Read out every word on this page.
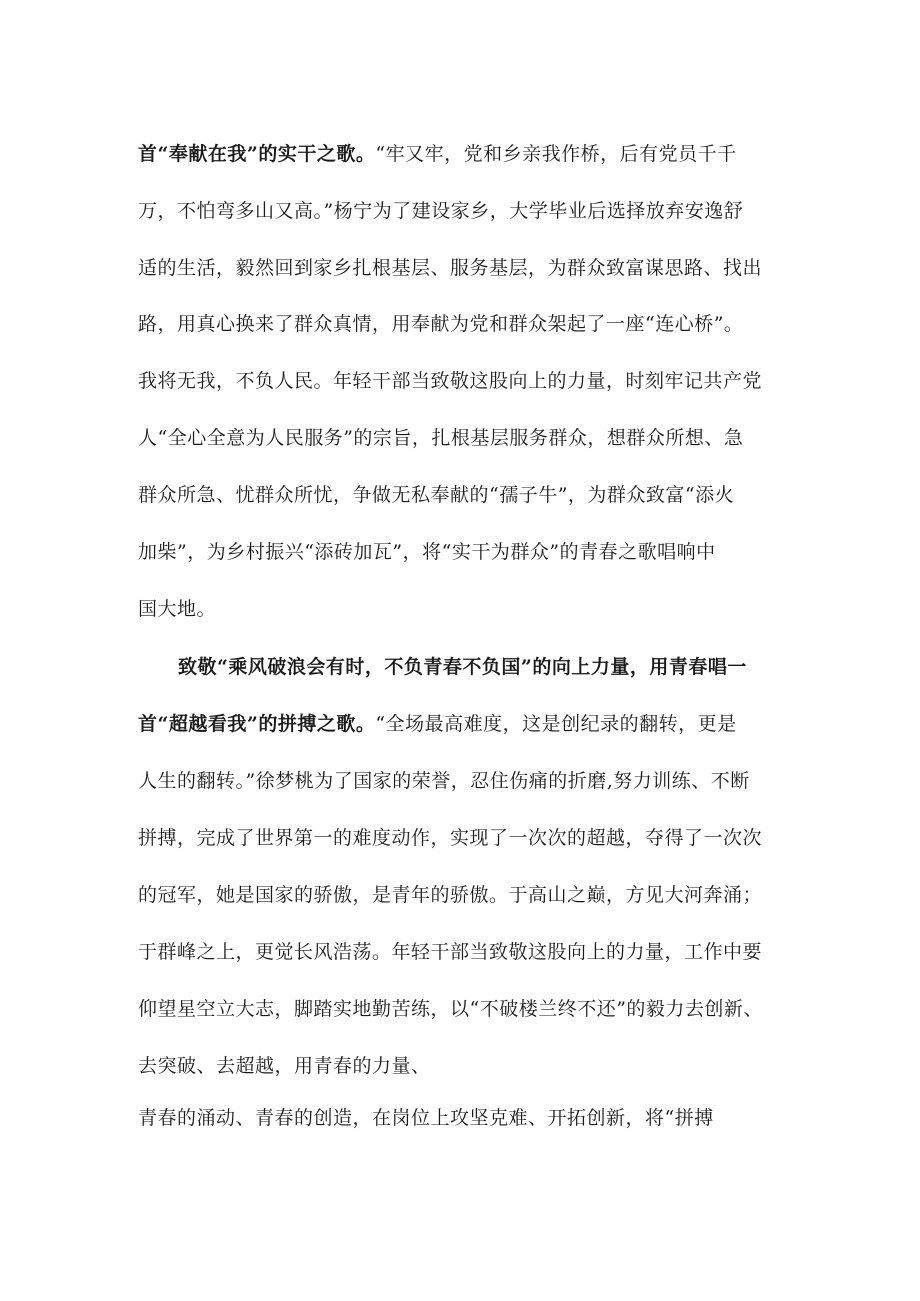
首“奉献在我”的实干之歌。“牢又牢，党和乡亲我作桥，后有党员千千
万，不怕弯多山又高。”杨宁为了建设家乡，大学毕业后选择放弃安逸舒
适的生活，毅然回到家乡扎根基层、服务基层，为群众致富谋思路、找出
路，用真心换来了群众真情，用奉献为党和群众架起了一座“连心桥”。
我将无我，不负人民。年轻干部当致敬这股向上的力量，时刻牢记共产党
人“全心全意为人民服务”的宗旨，扎根基层服务群众，想群众所想、急
群众所急、忧群众所忧，争做无私奉献的“孺子牛”，为群众致富“添火
加柴”，为乡村振兴“添砖加瓦”，将“实干为群众”的青春之歌唱响中
国大地。
致敬“乘风破浪会有时，不负青春不负国”的向上力量，用青春唱一
首“超越看我”的拼搏之歌。“全场最高难度，这是创纪录的翻转，更是
人生的翻转。”徐梦桃为了国家的荣誉，忍住伤痛的折磨,努力训练、不断
拼搏，完成了世界第一的难度动作，实现了一次次的超越，夺得了一次次
的冠军，她是国家的骄傲，是青年的骄傲。于高山之巅，方见大河奔涌；
于群峰之上，更觉长风浩荡。年轻干部当致敬这股向上的力量，工作中要
仰望星空立大志，脚踏实地勤苦练，以“不破楼兰终不还”的毅力去创新、
去突破、去超越，用青春的力量、
青春的涌动、青春的创造，在岗位上攻坚克难、开拓创新，将“拼搏
